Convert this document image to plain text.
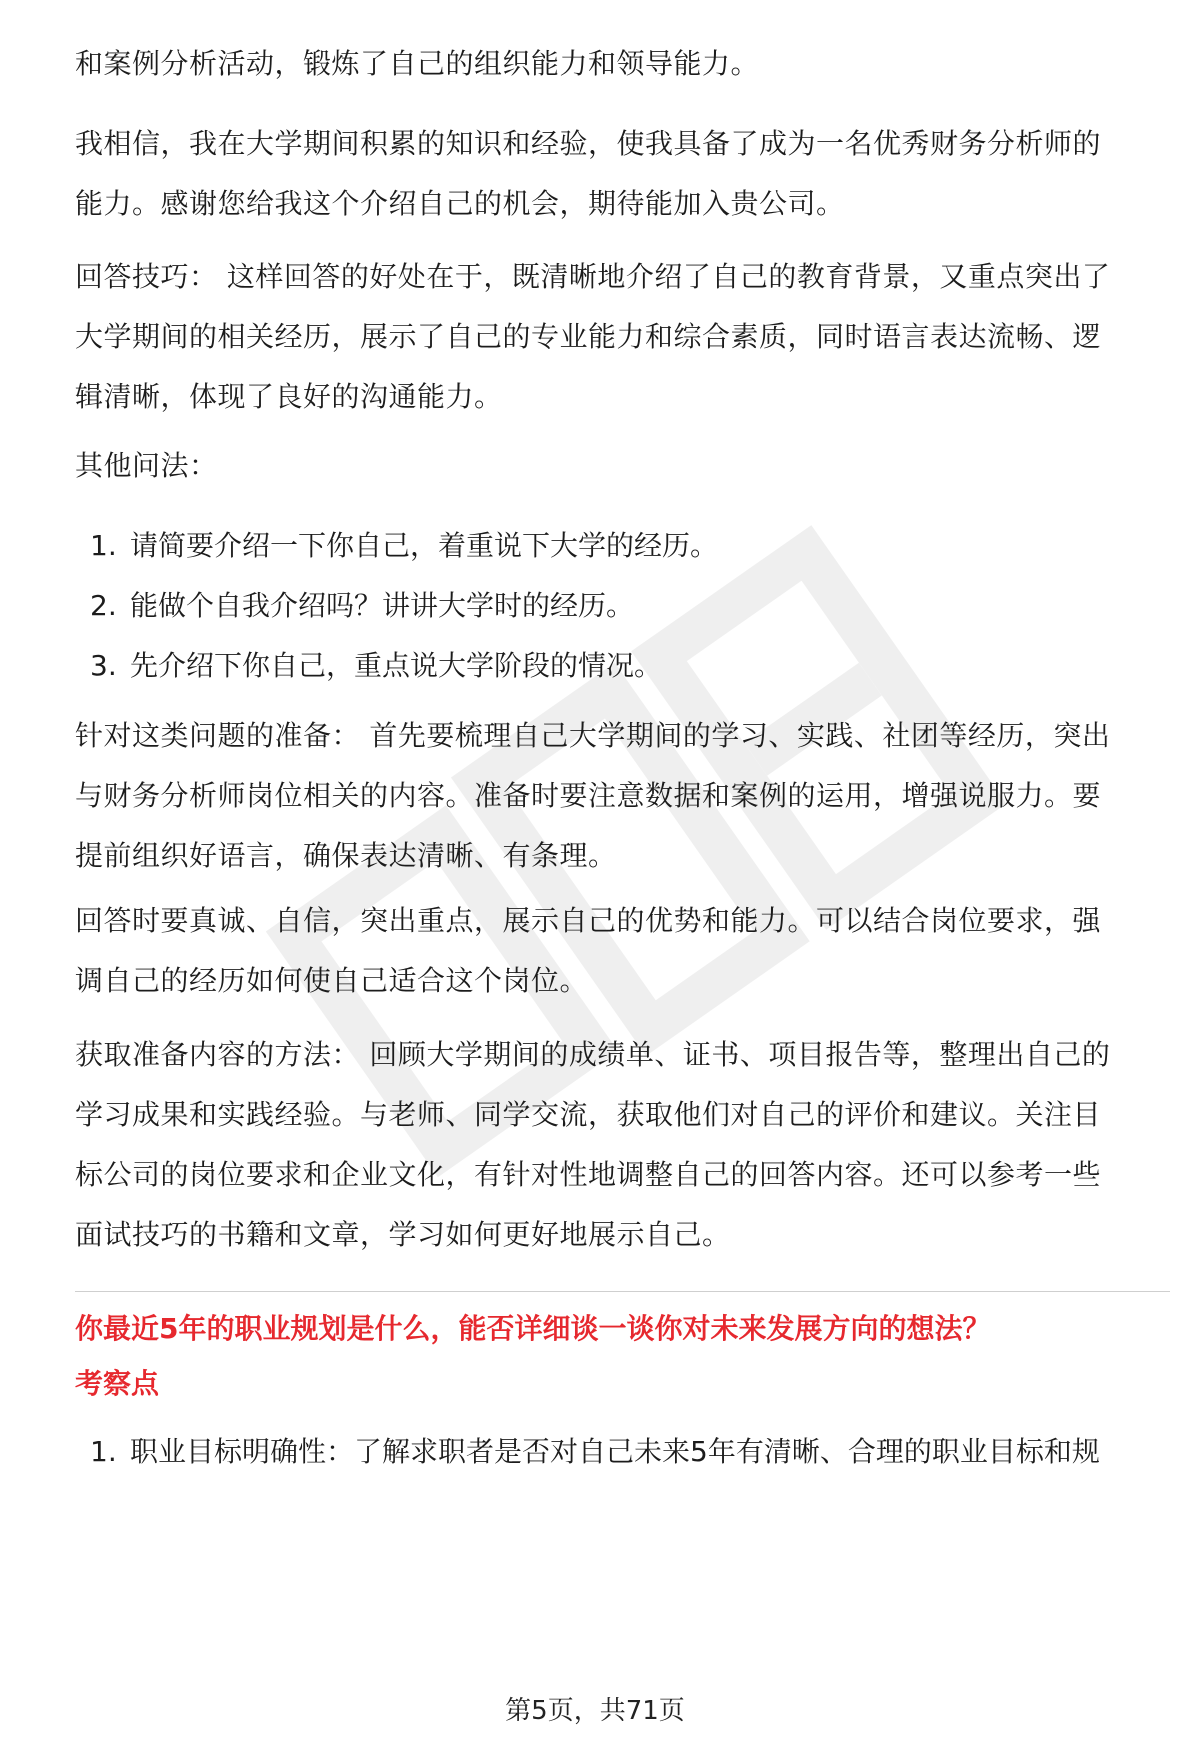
和案例分析活动，锻炼了自己的组织能力和领导能力。

我相信，我在大学期间积累的知识和经验，使我具备了成为一名优秀财务分析师的

能力。感谢您给我这个介绍自己的机会，期待能加入贵公司。

回答技巧： 这样回答的好处在于，既清晰地介绍了自己的教育背景，又重点突出了

大学期间的相关经历，展示了自己的专业能力和综合素质，同时语言表达流畅、逻

辑清晰，体现了良好的沟通能力。

其他问法：

1. 请简要介绍一下你自己，着重说下大学的经历。
2. 能做个自我介绍吗？讲讲大学时的经历。
3. 先介绍下你自己，重点说大学阶段的情况。

针对这类问题的准备： 首先要梳理自己大学期间的学习、实践、社团等经历，突出

与财务分析师岗位相关的内容。准备时要注意数据和案例的运用，增强说服力。要

提前组织好语言，确保表达清晰、有条理。

回答时要真诚、自信，突出重点，展示自己的优势和能力。可以结合岗位要求，强

调自己的经历如何使自己适合这个岗位。

获取准备内容的方法： 回顾大学期间的成绩单、证书、项目报告等，整理出自己的

学习成果和实践经验。与老师、同学交流，获取他们对自己的评价和建议。关注目

标公司的岗位要求和企业文化，有针对性地调整自己的回答内容。还可以参考一些

面试技巧的书籍和文章，学习如何更好地展示自己。

你最近5年的职业规划是什么，能否详细谈一谈你对未来发展方向的想法？
考察点
1. 职业目标明确性：了解求职者是否对自己未来5年有清晰、合理的职业目标和规
第5页，共71页
